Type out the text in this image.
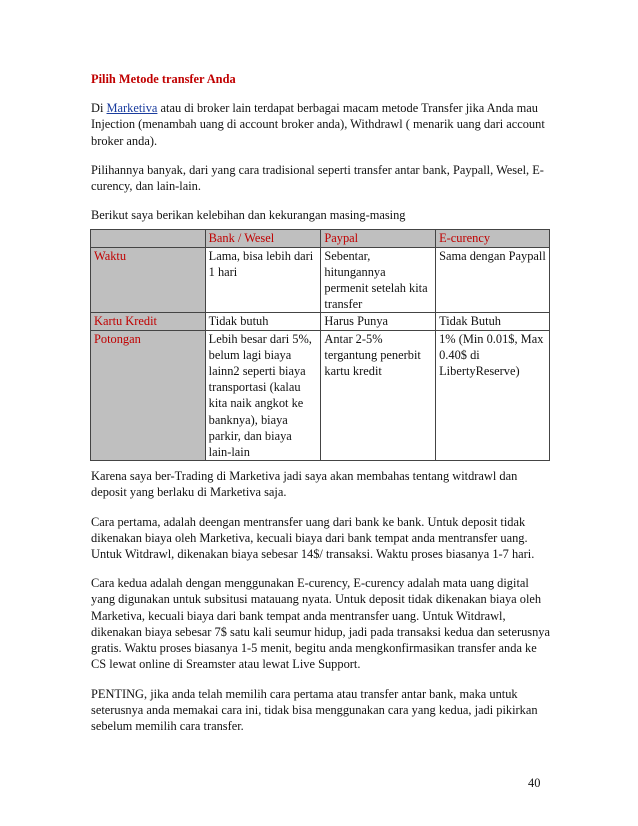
Pilih Metode transfer Anda

Di Marketiva atau di broker lain terdapat berbagai macam metode Transfer jika Anda mau Injection (menambah uang di account broker anda), Withdrawl ( menarik uang dari account broker anda).

Pilihannya banyak, dari yang cara tradisional seperti transfer antar bank, Paypall, Wesel, E-curency, dan lain-lain.

Berikut saya berikan kelebihan dan kekurangan masing-masing

	Bank / Wesel	Paypal	E-curency
Waktu	Lama, bisa lebih dari 1 hari	Sebentar, hitungannya permenit setelah kita transfer	Sama dengan Paypall
Kartu Kredit	Tidak butuh	Harus Punya	Tidak Butuh
Potongan	Lebih besar dari 5%, belum lagi biaya lainn2 seperti biaya transportasi (kalau kita naik angkot ke banknya), biaya parkir, dan biaya lain-lain	Antar 2-5% tergantung penerbit kartu kredit	1% (Min 0.01$, Max 0.40$ di LibertyReserve)

Karena saya ber-Trading di Marketiva jadi saya akan membahas tentang witdrawl dan deposit yang berlaku di Marketiva saja.

Cara pertama, adalah deengan mentransfer uang dari bank ke bank. Untuk deposit tidak dikenakan biaya oleh Marketiva, kecuali biaya dari bank tempat anda mentransfer uang. Untuk Witdrawl, dikenakan biaya sebesar 14$/ transaksi. Waktu proses biasanya 1-7 hari.

Cara kedua adalah dengan menggunakan E-curency, E-curency adalah mata uang digital yang digunakan untuk subsitusi matauang nyata. Untuk deposit tidak dikenakan biaya oleh Marketiva, kecuali biaya dari bank tempat anda mentransfer uang. Untuk Witdrawl, dikenakan biaya sebesar 7$ satu kali seumur hidup, jadi pada transaksi kedua dan seterusnya gratis. Waktu proses biasanya 1-5 menit, begitu anda mengkonfirmasikan transfer anda ke CS lewat online di Sreamster atau lewat Live Support.

PENTING, jika anda telah memilih cara pertama atau transfer antar bank, maka untuk seterusnya anda memakai cara ini, tidak bisa menggunakan cara yang kedua, jadi pikirkan sebelum memilih cara transfer.

40
